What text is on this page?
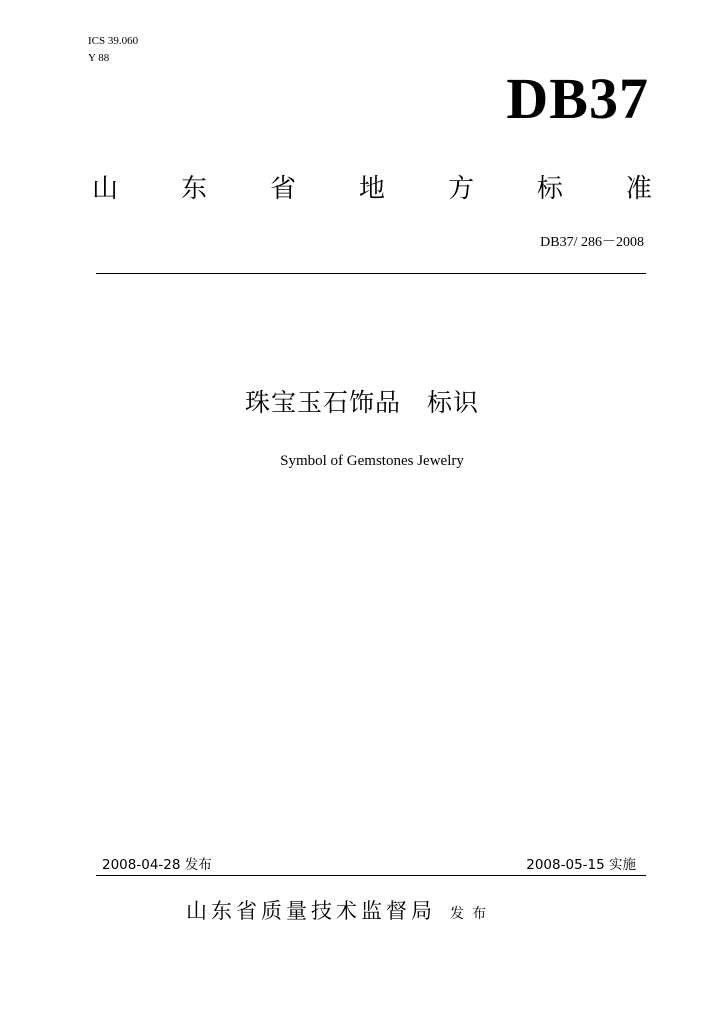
ICS 39.060
Y 88
DB37
山 东 省 地 方 标 准
DB37/ 286－2008
珠宝玉石饰品　标识
Symbol of Gemstones Jewelry
2008-04-28 发布	2008-05-15 实施
山东省质量技术监督局 发布
